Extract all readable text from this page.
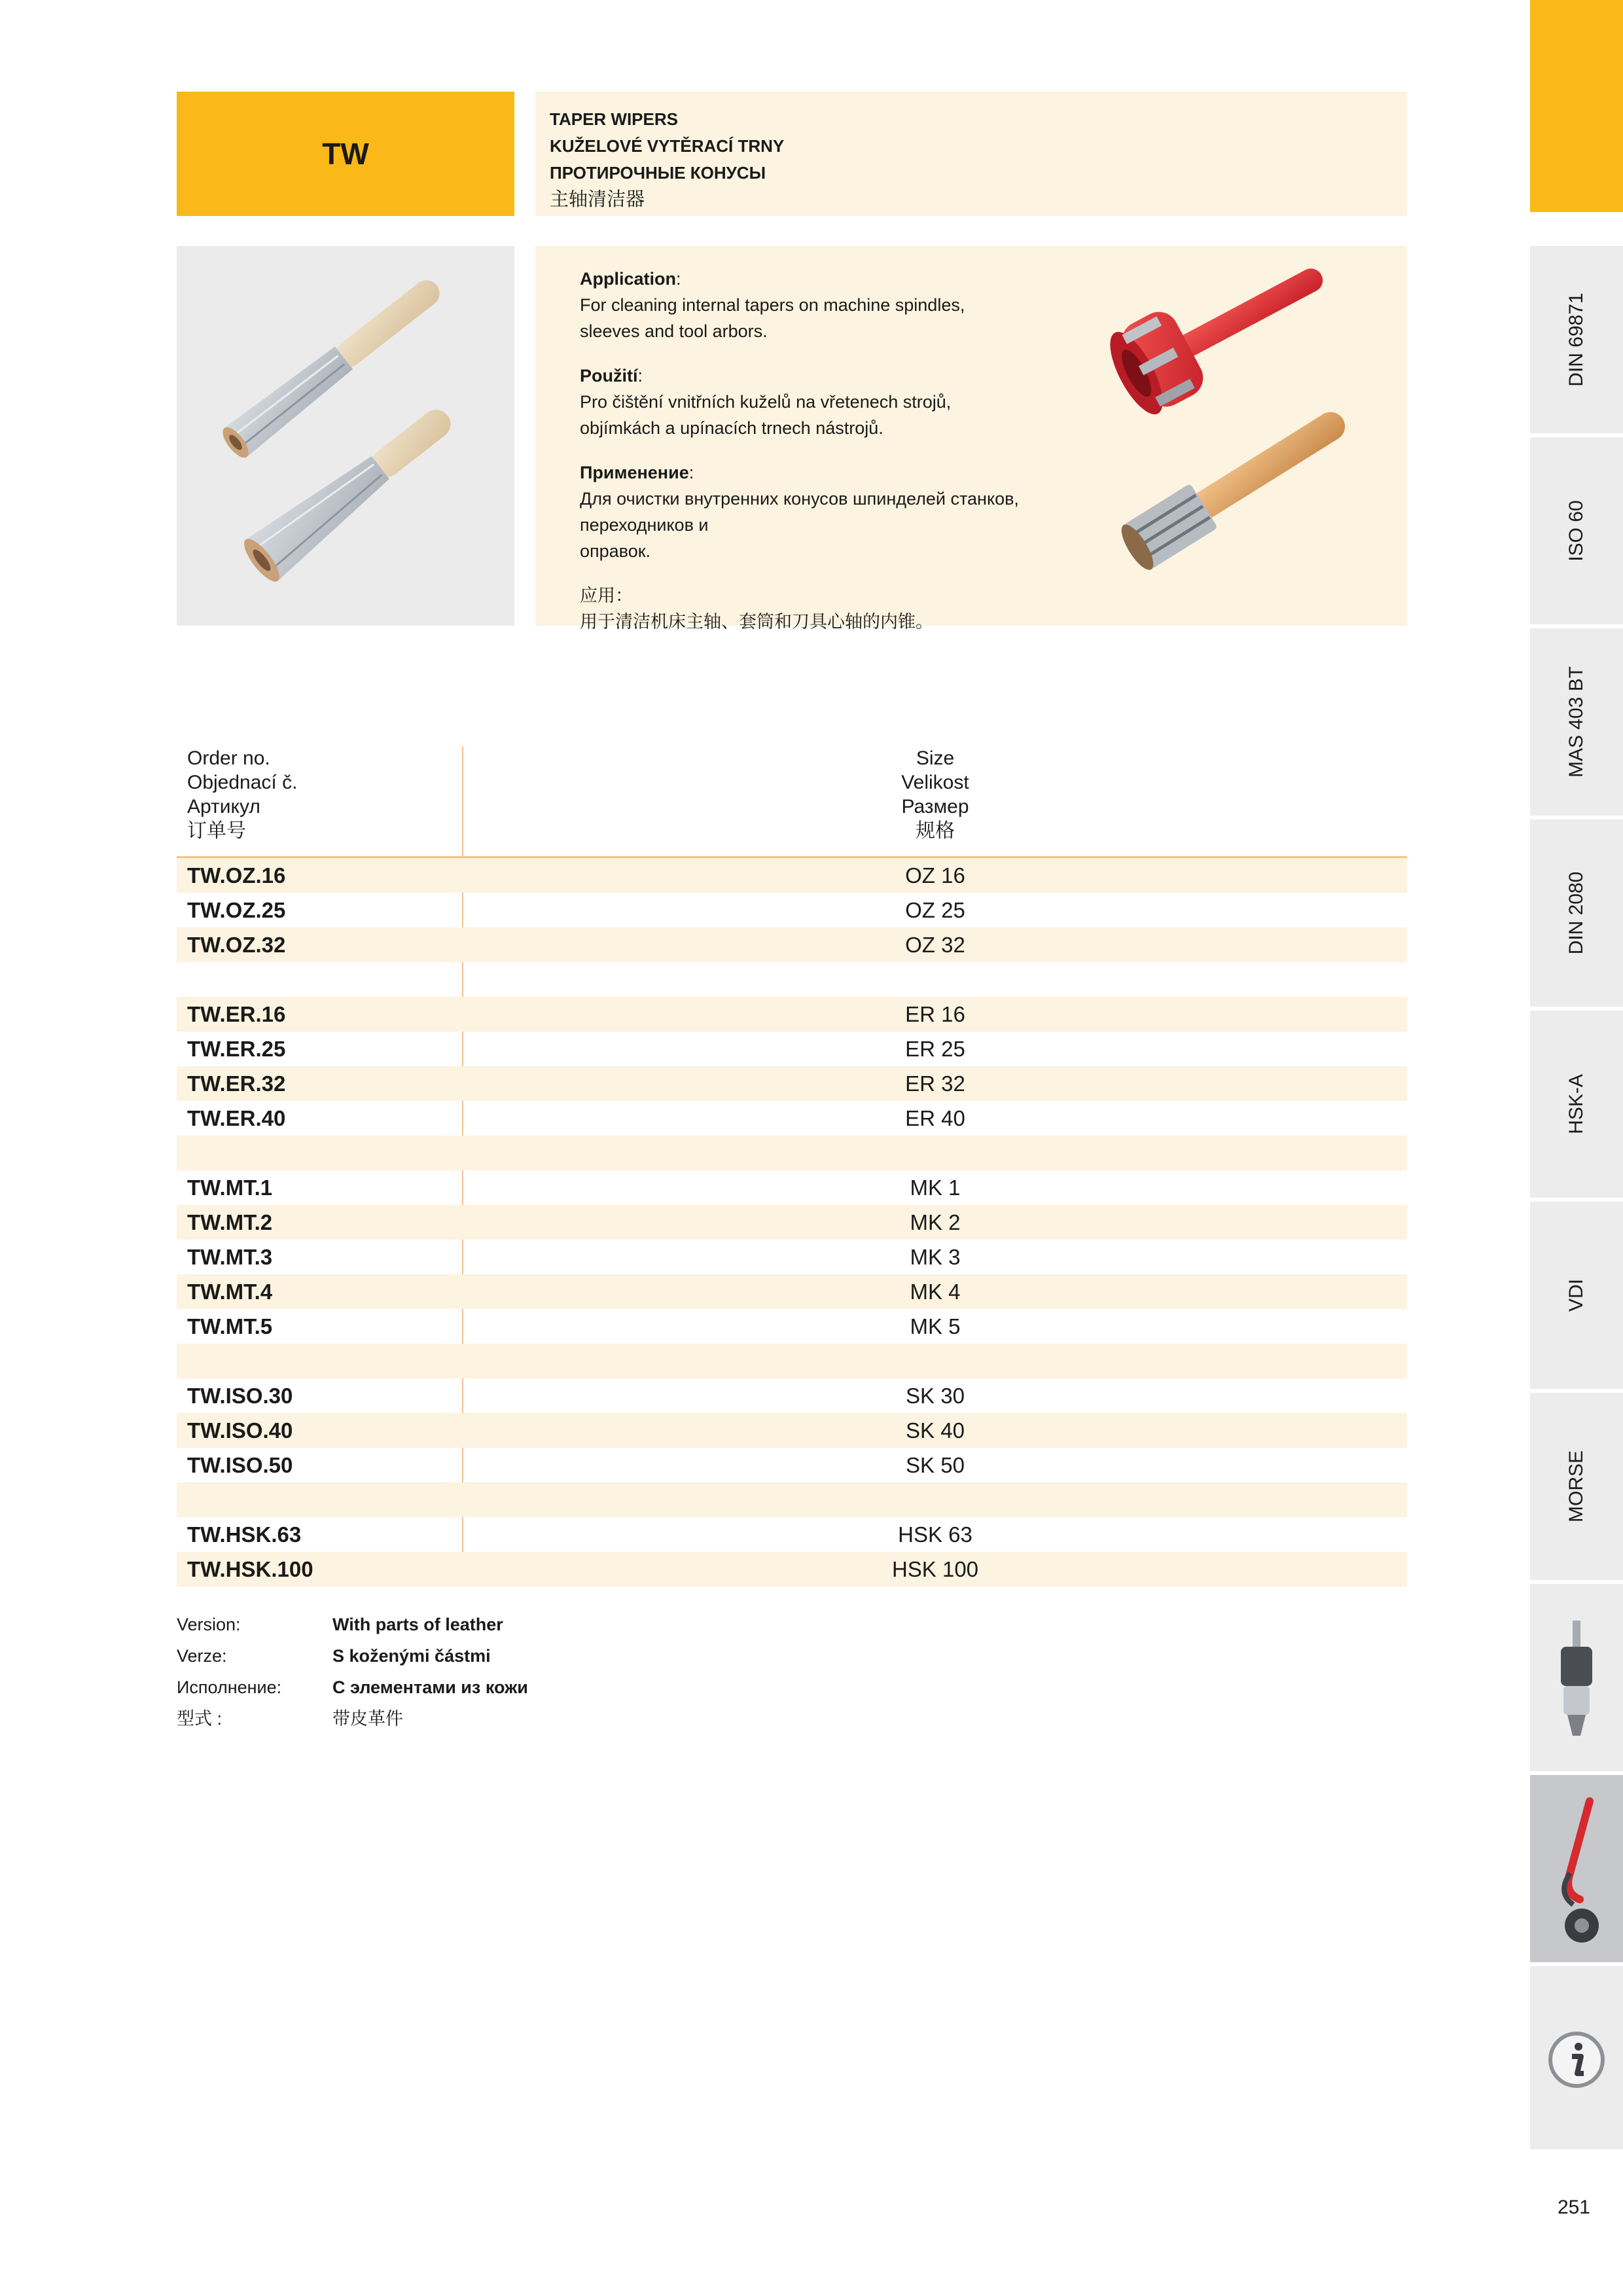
TW
TAPER WIPERS
KUŽELOVÉ VYTĚRACÍ TRNY
ПРОТИРОЧНЫЕ КОНУСЫ
主轴清洁器
Application:
For cleaning internal tapers on machine spindles,
sleeves and tool arbors.
Použití:
Pro čištění vnitřních kuželů na vřetenech strojů,
objímkách a upínacích trnech nástrojů.
Применение:
Для очистки внутренних конусов шпинделей станков, переходников и
оправок.
应用：
用于清洁机床主轴、套筒和刀具心轴的内锥。
Order no.
Objednací č.
Артикул
订单号
Size
Velikost
Размер
规格
TW.OZ.16	OZ 16
TW.OZ.25	OZ 25
TW.OZ.32	OZ 32
TW.ER.16	ER 16
TW.ER.25	ER 25
TW.ER.32	ER 32
TW.ER.40	ER 40
TW.MT.1	MK 1
TW.MT.2	MK 2
TW.MT.3	MK 3
TW.MT.4	MK 4
TW.MT.5	MK 5
TW.ISO.30	SK 30
TW.ISO.40	SK 40
TW.ISO.50	SK 50
TW.HSK.63	HSK 63
TW.HSK.100	HSK 100
Version:	With parts of leather
Verze:	S koženými částmi
Исполнение:	С элементами из кожи
型式 :	带皮革件
DIN 69871
ISO 60
MAS 403 BT
DIN 2080
HSK-A
VDI
MORSE
251
